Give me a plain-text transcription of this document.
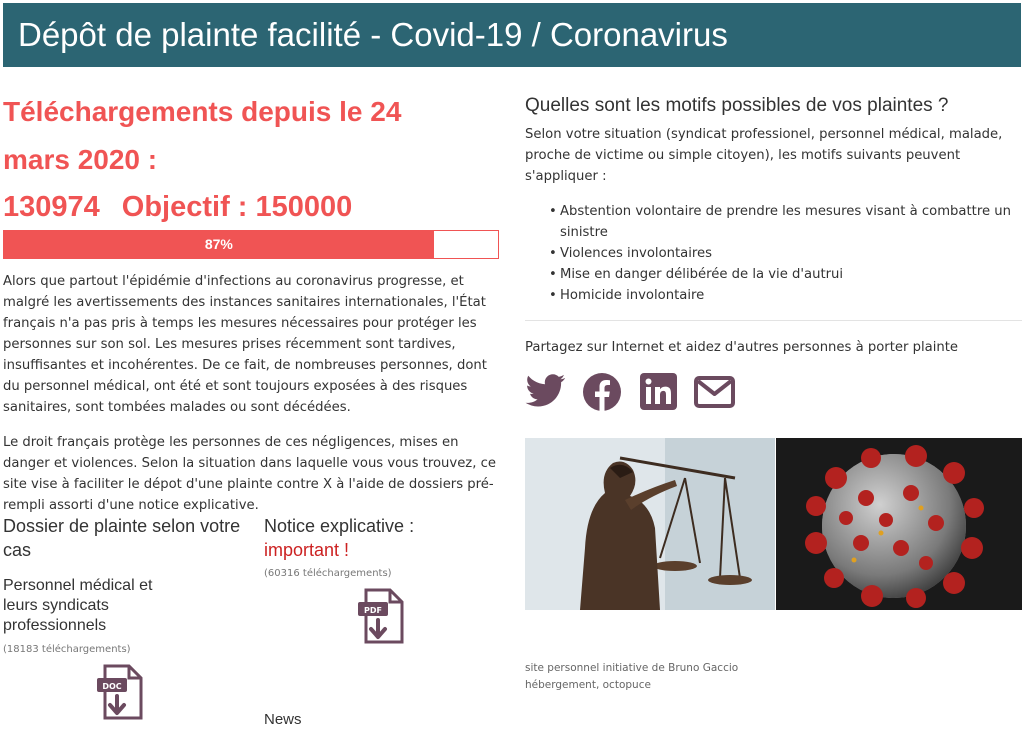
Dépôt de plainte facilité - Covid-19 / Coronavirus
Téléchargements depuis le 24
mars 2020 :
130974 Objectif : 150000
87%

Alors que partout l'épidémie d'infections au coronavirus progresse, et malgré les avertissements des instances sanitaires internationales, l'État français n'a pas pris à temps les mesures nécessaires pour protéger les personnes sur son sol. Les mesures prises récemment sont tardives, insuffisantes et incohérentes. De ce fait, de nombreuses personnes, dont du personnel médical, ont été et sont toujours exposées à des risques sanitaires, sont tombées malades ou sont décédées.

Le droit français protège les personnes de ces négligences, mises en danger et violences. Selon la situation dans laquelle vous vous trouvez, ce site vise à faciliter le dépot d'une plainte contre X à l'aide de dossiers pré-rempli assorti d'une notice explicative.

Dossier de plainte selon votre cas
Personnel médical et leurs syndicats professionnels
(18183 téléchargements)
DOC
Notice explicative :
important !
(60316 téléchargements)
PDF
News
Quelles sont les motifs possibles de vos plaintes ?

Selon votre situation (syndicat professionel, personnel médical, malade, proche de victime ou simple citoyen), les motifs suivants peuvent s'appliquer :

• Abstention volontaire de prendre les mesures visant à combattre un sinistre
• Violences involontaires
• Mise en danger délibérée de la vie d'autrui
• Homicide involontaire

Partagez sur Internet et aidez d'autres personnes à porter plainte

site personnel initiative de Bruno Gaccio
hébergement, octopuce
